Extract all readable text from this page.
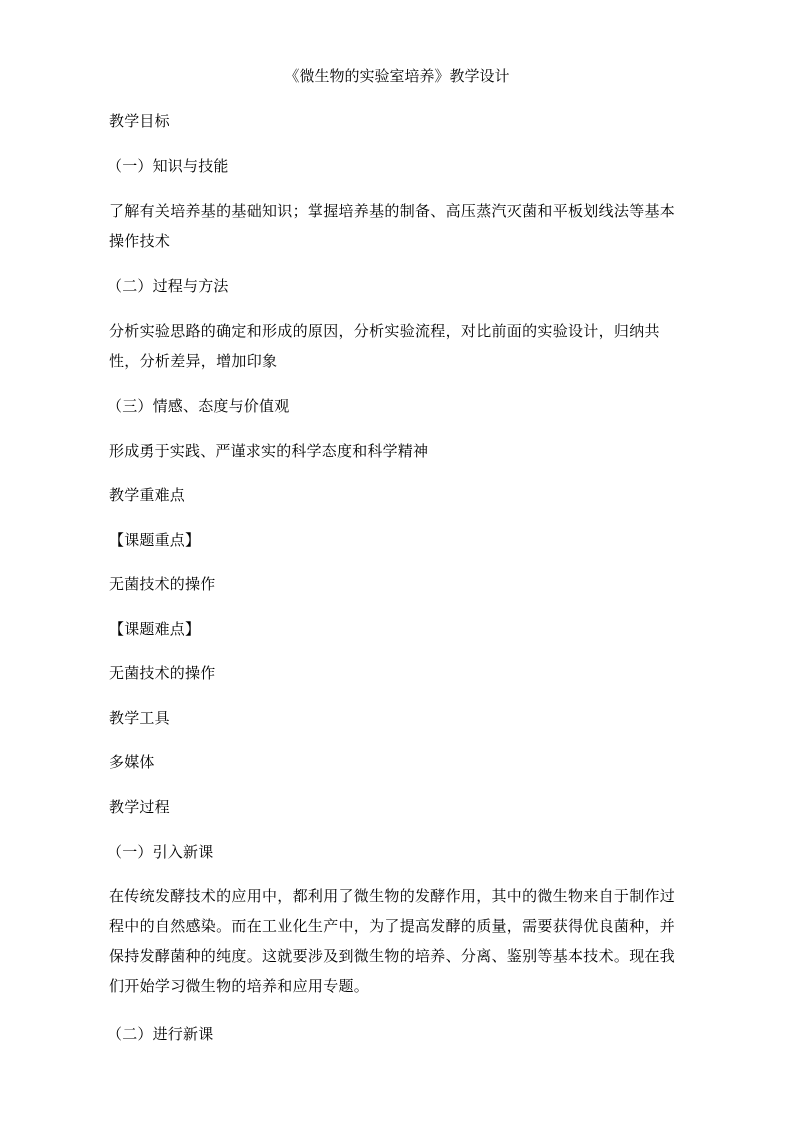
《微生物的实验室培养》教学设计
教学目标
（一）知识与技能
了解有关培养基的基础知识；掌握培养基的制备、高压蒸汽灭菌和平板划线法等基本操作技术
（二）过程与方法
分析实验思路的确定和形成的原因，分析实验流程，对比前面的实验设计，归纳共性，分析差异，增加印象
（三）情感、态度与价值观
形成勇于实践、严谨求实的科学态度和科学精神
教学重难点
【课题重点】
无菌技术的操作
【课题难点】
无菌技术的操作
教学工具
多媒体
教学过程
（一）引入新课
在传统发酵技术的应用中，都利用了微生物的发酵作用，其中的微生物来自于制作过程中的自然感染。而在工业化生产中，为了提高发酵的质量，需要获得优良菌种，并保持发酵菌种的纯度。这就要涉及到微生物的培养、分离、鉴别等基本技术。现在我们开始学习微生物的培养和应用专题。
（二）进行新课
